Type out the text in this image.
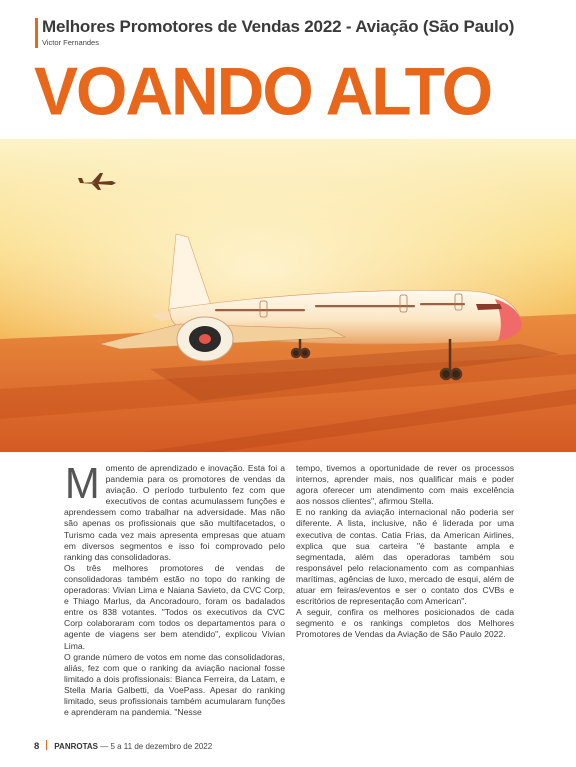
Melhores Promotores de Vendas 2022 - Aviação (São Paulo)
Victor Fernandes
VOANDO ALTO

Momento de aprendizado e inovação. Esta foi a pandemia para os promotores de vendas da aviação. O período turbulento fez com que executivos de contas acumulassem funções e aprendessem como trabalhar na adversidade. Mas não são apenas os profissionais que são multifacetados, o Turismo cada vez mais apresenta empresas que atuam em diversos segmentos e isso foi comprovado pelo ranking das consolidadoras.

Os três melhores promotores de vendas de consolidadoras também estão no topo do ranking de operadoras: Vivian Lima e Naiana Savieto, da CVC Corp, e Thiago Marlus, da Ancoradouro, foram os badalados entre os 838 votantes. "Todos os executivos da CVC Corp colaboraram com todos os departamentos para o agente de viagens ser bem atendido", explicou Vivian Lima.

O grande número de votos em nome das consolidadoras, aliás, fez com que o ranking da aviação nacional fosse limitado a dois profissionais: Bianca Ferreira, da Latam, e Stella Maria Galbetti, da VoePass. Apesar do ranking limitado, seus profissionais também acumularam funções e aprenderam na pandemia. "Nesse

tempo, tivemos a oportunidade de rever os processos internos, aprender mais, nos qualificar mais e poder agora oferecer um atendimento com mais excelência aos nossos clientes", afirmou Stella.

E no ranking da aviação internacional não poderia ser diferente. A lista, inclusive, não é liderada por uma executiva de contas. Catia Frias, da American Airlines, explica que sua carteira "é bastante ampla e segmentada, além das operadoras também sou responsável pelo relacionamento com as companhias marítimas, agências de luxo, mercado de esqui, além de atuar em feiras/eventos e ser o contato dos CVBs e escritórios de representação com American".

A seguir, confira os melhores posicionados de cada segmento e os rankings completos dos Melhores Promotores de Vendas da Aviação de São Paulo 2022.

8 PANROTAS — 5 a 11 de dezembro de 2022
